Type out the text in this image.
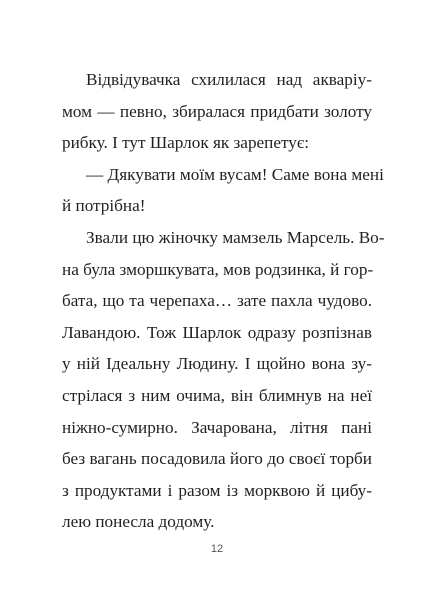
Відвідувачка схилилася над акваріу-
мом — певно, збиралася придбати золоту
рибку. І тут Шарлок як зарепетує:
— Дякувати моїм вусам! Саме вона мені
й потрібна!
Звали цю жіночку мамзель Марсель. Во-
на була зморшкувата, мов родзинка, й гор-
бата, що та черепаха… зате пахла чудово.
Лавандою. Тож Шарлок одразу розпізнав
у ній Ідеальну Людину. І щойно вона зу-
стрілася з ним очима, він блимнув на неї
ніжно-сумирно. Зачарована, літня пані
без вагань посадовила його до своєї торби
з продуктами і разом із морквою й цибу-
лею понесла додому.
12
